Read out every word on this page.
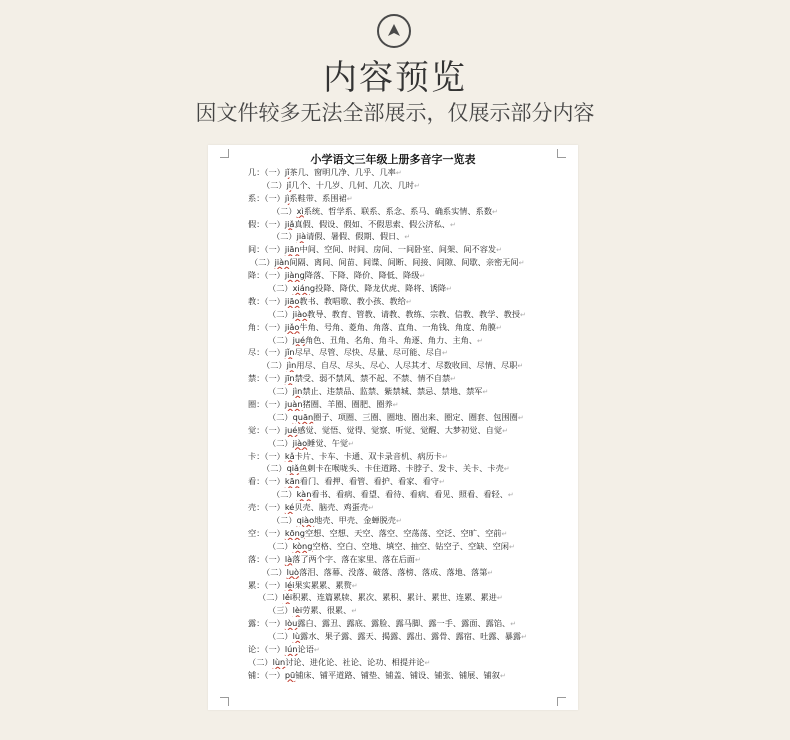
内容预览
因文件较多无法全部展示，仅展示部分内容
小学语文三年级上册多音字一览表
几：（一）jǐ茶几、窗明几净、几乎、几率↵
（二）jǐ几个、十几岁、几何、几次、几时↵
系：（一）jì系鞋带、系围裙↵
（二）xì系统、哲学系、联系、系念、系马、确系实情、系数↵
假：（一）jiǎ真假、假设、假如、不假思索、假公济私、↵
（二）jià请假、暑假、假期、假日、↵
间：（一）jiān中间、空间、时间、房间、一间卧室、间架、间不容发↵
（二）jiàn间隔、离间、间苗、间谍、间断、间接、间隙、间歇、亲密无间↵
降：（一）jiàng降落、下降、降价、降低、降级↵
（二）xiáng投降、降伏、降龙伏虎、降将、诱降↵
教：（一）jiāo教书、教唱歌、教小孩、教给↵
（二）jiào教导、教育、管教、请教、教练、宗教、信教、教学、教授↵
角：（一）jiǎo牛角、号角、菱角、角落、直角、一角钱、角度、角膜↵
（二）jué角色、丑角、名角、角斗、角逐、角力、主角、↵
尽：（一）jǐn尽早、尽管、尽快、尽量、尽可能、尽自↵
（二）jìn用尽、自尽、尽头、尽心、人尽其才、尽数收回、尽情、尽职↵
禁：（一）jīn禁受、弱不禁风、禁不起、不禁、情不自禁↵
（二）jìn禁止、违禁品、监禁、紫禁城、禁忌、禁地、禁军↵
圈：（一）juàn猪圈、羊圈、圈肥、圈养↵
（二）quān圈子、项圈、三圈、圈地、圈出来、圈定、圈套、包围圈↵
觉：（一）jué感觉、觉悟、觉得、觉察、听觉、觉醒、大梦初觉、自觉↵
（二）jiào睡觉、午觉↵
卡：（一）kǎ卡片、卡车、卡通、双卡录音机、病历卡↵
（二）qiǎ鱼刺卡在喉咙头、卡住道路、卡脖子、发卡、关卡、卡壳↵
看：（一）kān看门、看押、看管、看护、看家、看守↵
（二）kàn看书、看病、看望、看待、看病、看见、照看、看轻、↵
壳：（一）ké贝壳、脑壳、鸡蛋壳↵
（二）qiào地壳、甲壳、金蝉脱壳↵
空：（一）kōng空想、空想、天空、落空、空荡荡、空泛、空旷、空前↵
（二）kòng空格、空白、空地、填空、抽空、钻空子、空缺、空闲↵
落：（一）là落了两个字、落在家里、落在后面↵
（二）luò落泪、落幕、没落、破落、落榜、落成、落地、落第↵
累：（一）léi果实累累、累赘↵
（二）lěi积累、连篇累牍、累次、累积、累计、累世、连累、累进↵
（三）lèi劳累、很累、↵
露：（一）lòu露白、露丑、露底、露脸、露马脚、露一手、露面、露馅、↵
（二）lù露水、果子露、露天、揭露、露出、露骨、露宿、吐露、暴露↵
论：（一）lún论语↵
（二）lùn讨论、进化论、社论、论功、相提并论↵
铺：（一）pū铺床、铺平道路、铺垫、铺盖、铺设、铺张、铺展、铺叙↵
